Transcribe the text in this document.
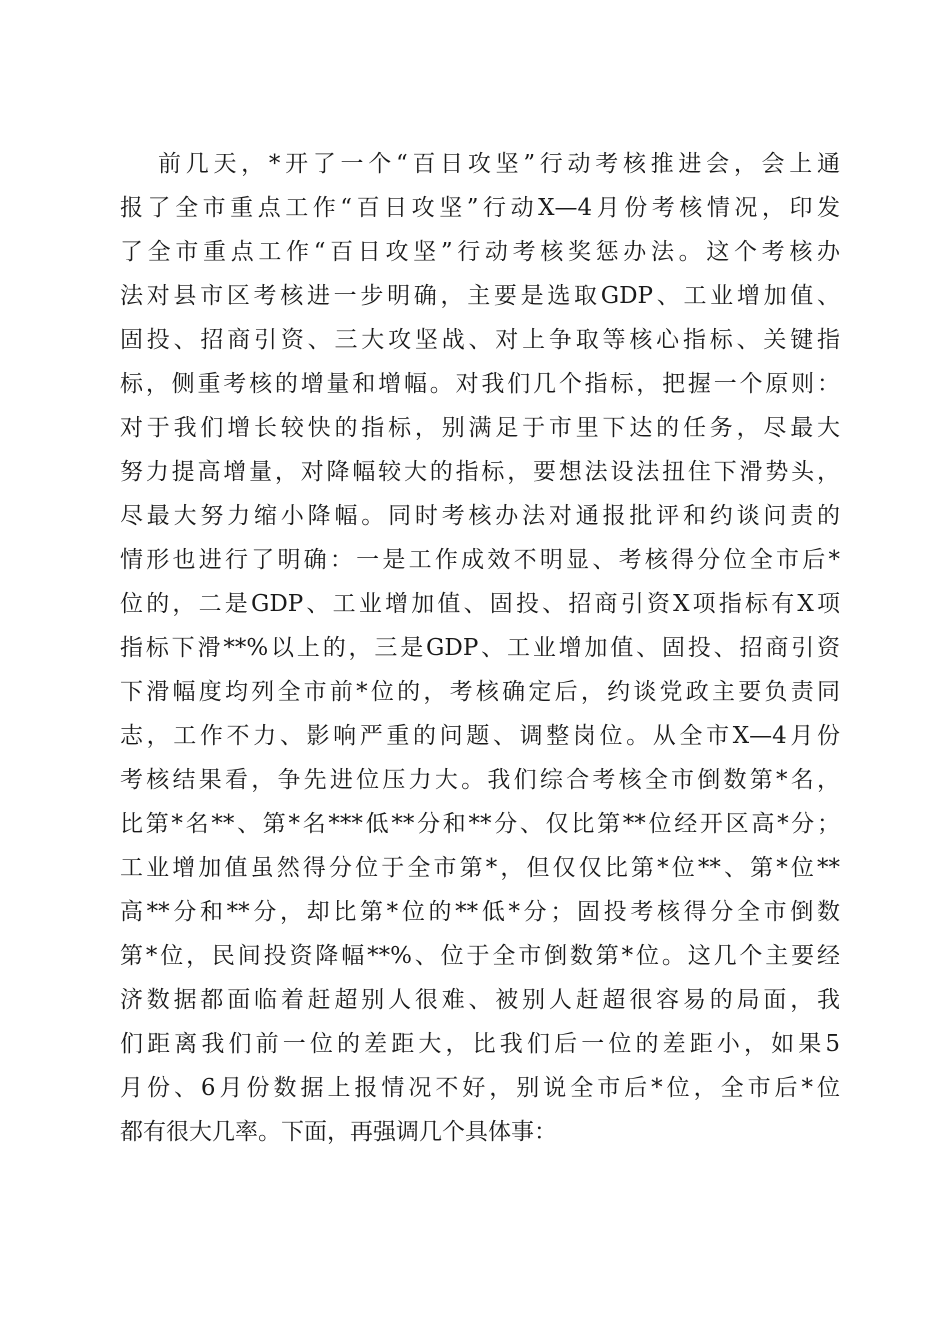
前几天，*开了一个“百日攻坚”行动考核推进会，会上通
报了全市重点工作“百日攻坚”行动X—4月份考核情况，印发
了全市重点工作“百日攻坚”行动考核奖惩办法。这个考核办
法对县市区考核进一步明确，主要是选取GDP、工业增加值、
固投、招商引资、三大攻坚战、对上争取等核心指标、关键指
标，侧重考核的增量和增幅。对我们几个指标，把握一个原则：
对于我们增长较快的指标，别满足于市里下达的任务，尽最大
努力提高增量，对降幅较大的指标，要想法设法扭住下滑势头，
尽最大努力缩小降幅。同时考核办法对通报批评和约谈问责的
情形也进行了明确：一是工作成效不明显、考核得分位全市后*
位的，二是GDP、工业增加值、固投、招商引资X项指标有X项
指标下滑**%以上的，三是GDP、工业增加值、固投、招商引资
下滑幅度均列全市前*位的，考核确定后，约谈党政主要负责同
志，工作不力、影响严重的问题、调整岗位。从全市X—4月份
考核结果看，争先进位压力大。我们综合考核全市倒数第*名，
比第*名**、第*名***低**分和**分、仅比第**位经开区高*分；
工业增加值虽然得分位于全市第*，但仅仅比第*位**、第*位**
高**分和**分，却比第*位的**低*分；固投考核得分全市倒数
第*位，民间投资降幅**%、位于全市倒数第*位。这几个主要经
济数据都面临着赶超别人很难、被别人赶超很容易的局面，我
们距离我们前一位的差距大，比我们后一位的差距小，如果5
月份、6月份数据上报情况不好，别说全市后*位，全市后*位
都有很大几率。下面，再强调几个具体事：
